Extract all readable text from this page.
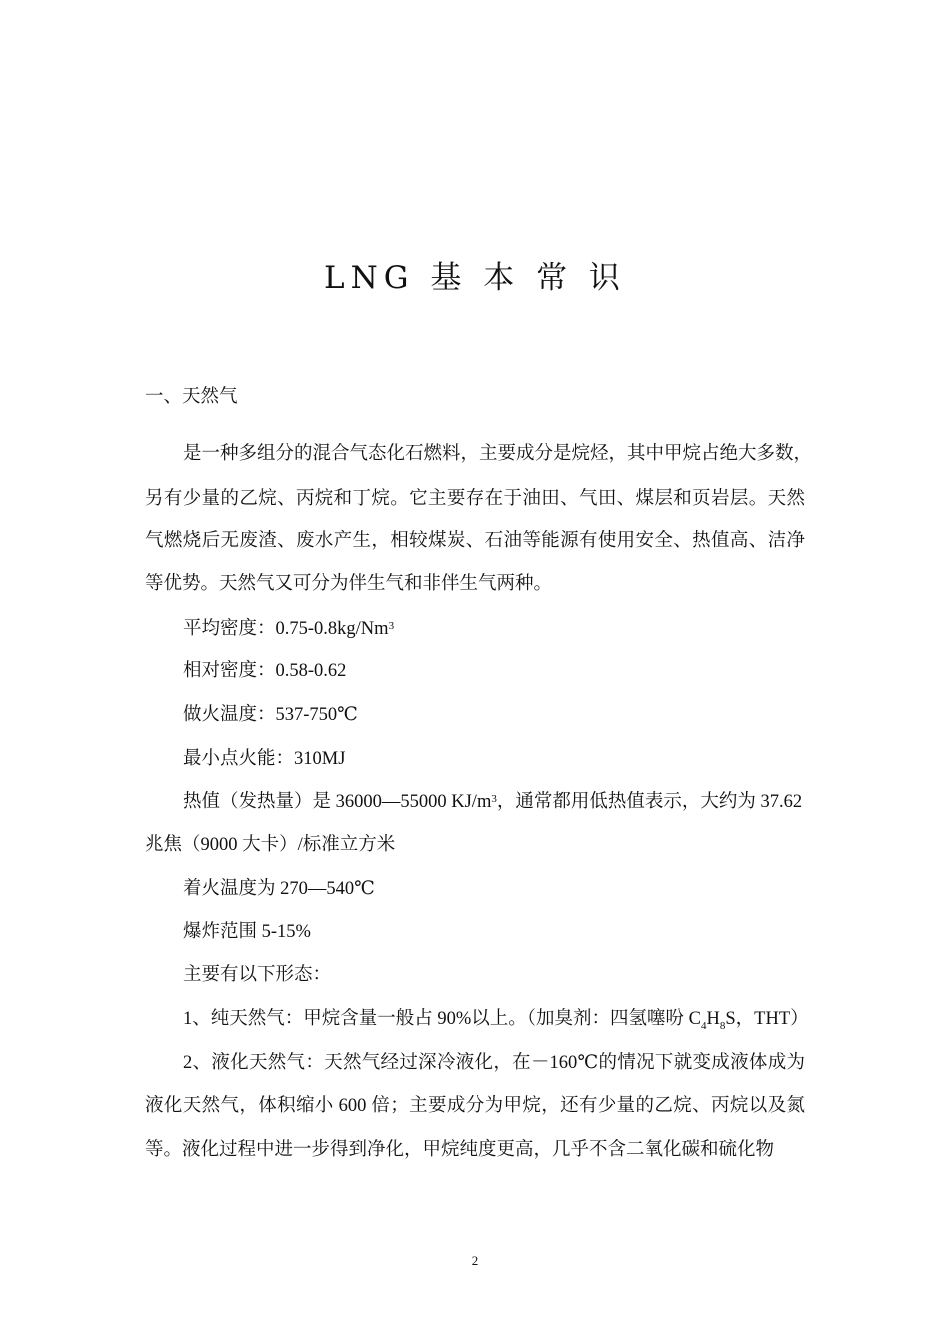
LNG 基 本 常 识
一、天然气
是一种多组分的混合气态化石燃料，主要成分是烷烃，其中甲烷占绝大多数，
另有少量的乙烷、丙烷和丁烷。它主要存在于油田、气田、煤层和页岩层。天然
气燃烧后无废渣、废水产生，相较煤炭、石油等能源有使用安全、热值高、洁净
等优势。天然气又可分为伴生气和非伴生气两种。
平均密度：0.75-0.8kg/Nm$^3$
相对密度：0.58-0.62
做火温度：537-750℃
最小点火能：310MJ
热值（发热量）是 36000—55000 $KJ/m^3$，通常都用低热值表示，大约为 37.62
兆焦（9000 大卡）/标准立方米
着火温度为 270—540℃
爆炸范围 5-15%
主要有以下形态：
1、纯天然气：甲烷含量一般占 90%以上。（加臭剂：四氢噻吩 $C_4H_8S$，THT）
2、液化天然气：天然气经过深冷液化，在－160℃的情况下就变成液体成为
液化天然气，体积缩小 600 倍；主要成分为甲烷，还有少量的乙烷、丙烷以及氮
等。液化过程中进一步得到净化，甲烷纯度更高，几乎不含二氧化碳和硫化物
2
